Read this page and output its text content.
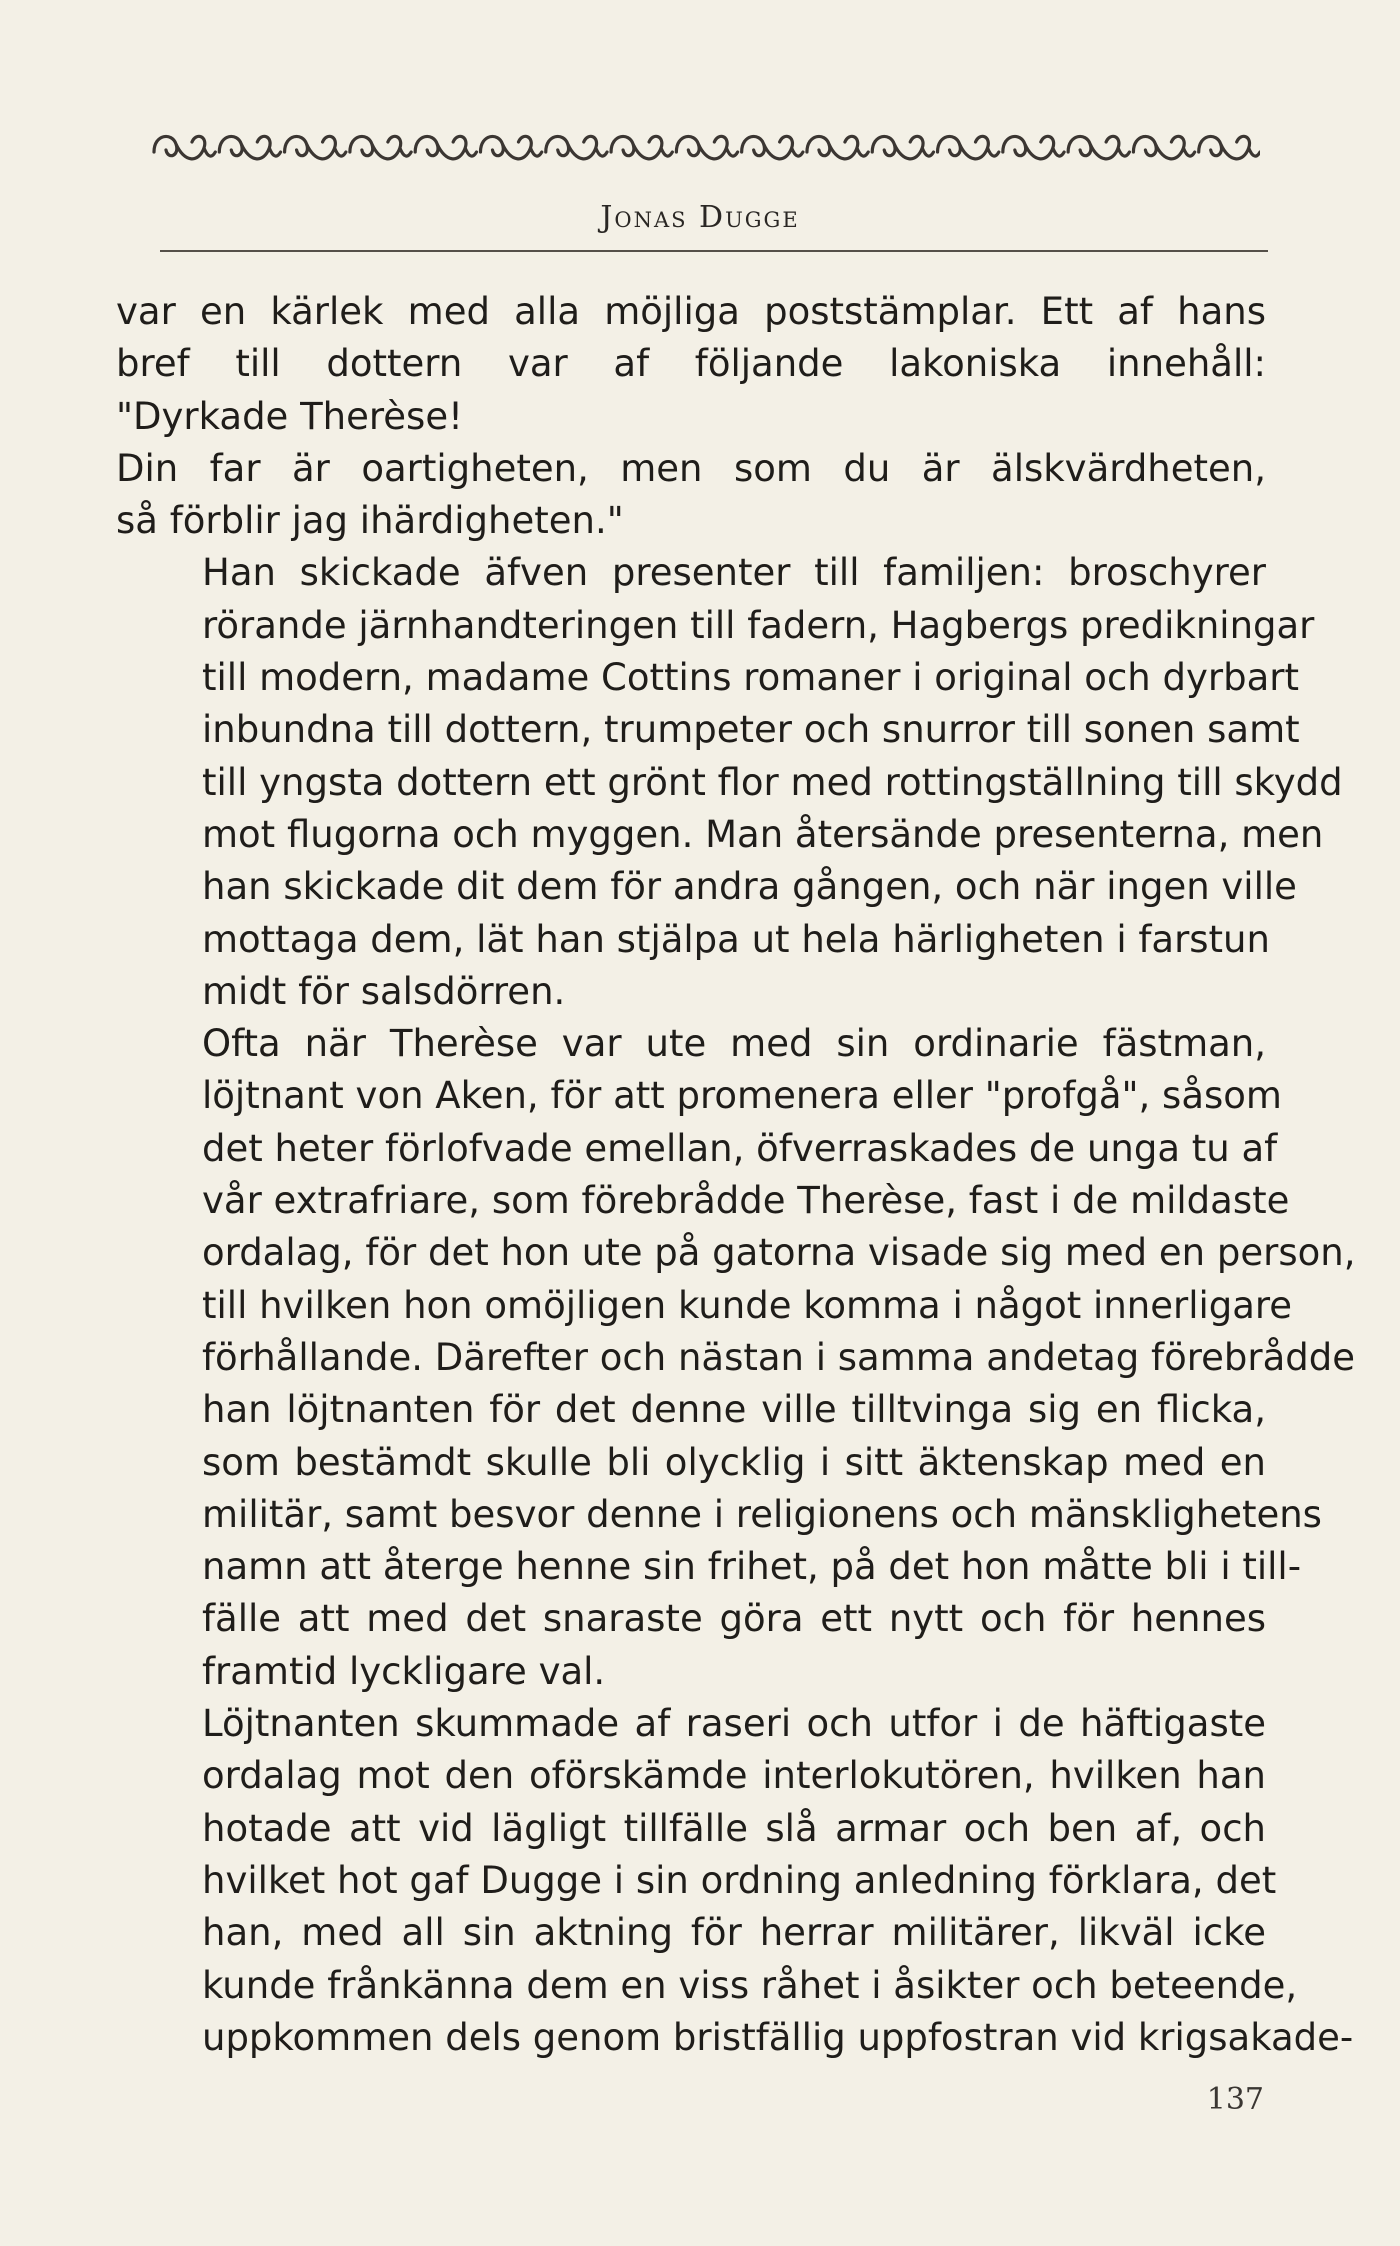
Jonas Dugge

var en kärlek med alla möjliga poststämplar. Ett af hans
bref till dottern var af följande lakoniska innehåll:
"Dyrkade Therèse!
Din far är oartigheten, men som du är älskvärdheten,
så förblir jag ihärdigheten."

Han skickade äfven presenter till familjen: broschyrer
rörande järnhandteringen till fadern, Hagbergs predikningar
till modern, madame Cottins romaner i original och dyrbart
inbundna till dottern, trumpeter och snurror till sonen samt
till yngsta dottern ett grönt flor med rottingställning till skydd
mot flugorna och myggen. Man återsände presenterna, men
han skickade dit dem för andra gången, och när ingen ville
mottaga dem, lät han stjälpa ut hela härligheten i farstun
midt för salsdörren.

Ofta när Therèse var ute med sin ordinarie fästman,
löjtnant von Aken, för att promenera eller "profgå", såsom
det heter förlofvade emellan, öfverraskades de unga tu af
vår extrafriare, som förebrådde Therèse, fast i de mildaste
ordalag, för det hon ute på gatorna visade sig med en person,
till hvilken hon omöjligen kunde komma i något innerligare
förhållande. Därefter och nästan i samma andetag förebrådde
han löjtnanten för det denne ville tilltvinga sig en flicka,
som bestämdt skulle bli olycklig i sitt äktenskap med en
militär, samt besvor denne i religionens och mänsklighetens
namn att återge henne sin frihet, på det hon måtte bli i till-
fälle att med det snaraste göra ett nytt och för hennes
framtid lyckligare val.

Löjtnanten skummade af raseri och utfor i de häftigaste
ordalag mot den oförskämde interlokutören, hvilken han
hotade att vid lägligt tillfälle slå armar och ben af, och
hvilket hot gaf Dugge i sin ordning anledning förklara, det
han, med all sin aktning för herrar militärer, likväl icke
kunde frånkänna dem en viss råhet i åsikter och beteende,
uppkommen dels genom bristfällig uppfostran vid krigsakade-

137
